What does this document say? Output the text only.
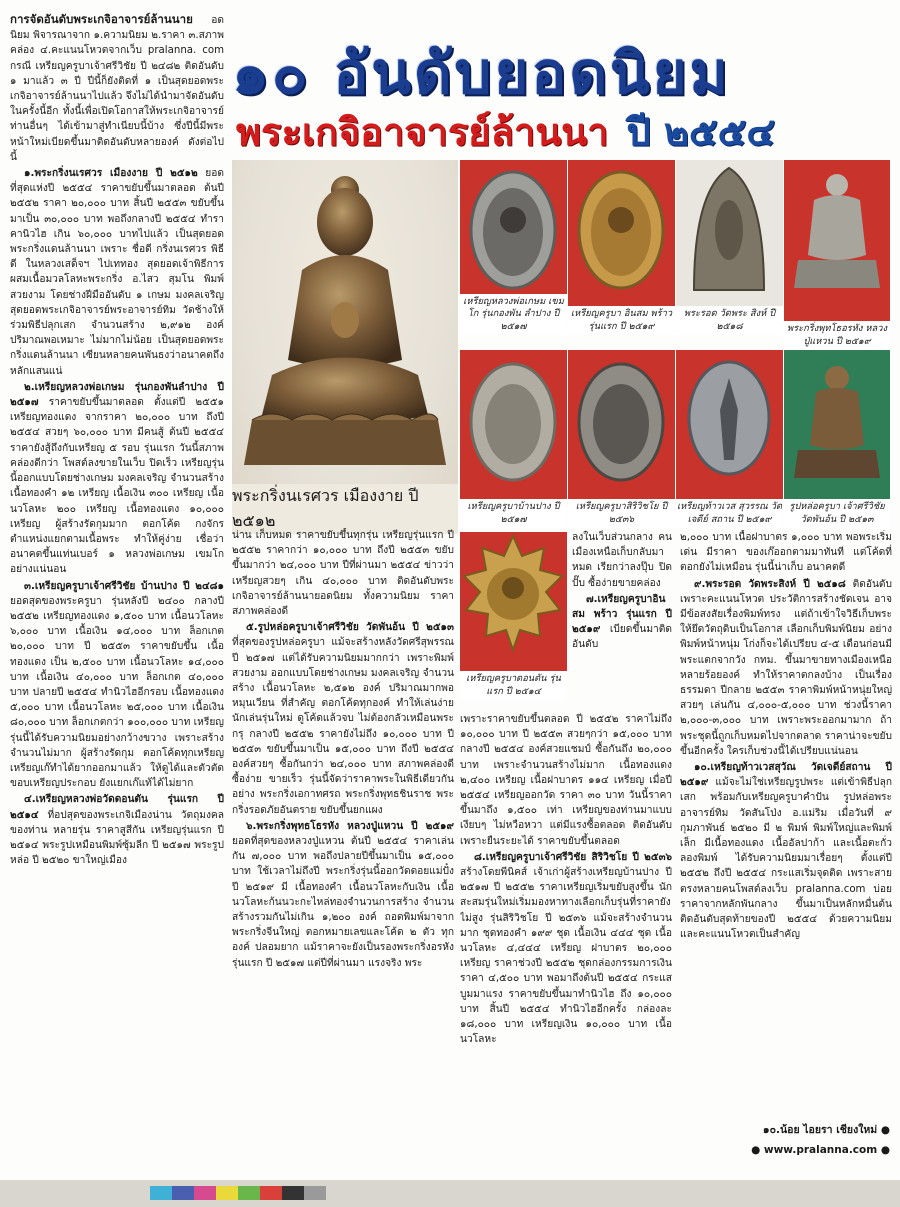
๑๐ อันดับยอดนิยม
พระเกจิอาจารย์ล้านนา ปี ๒๕๕๔

การจัดอันดับพระเกจิอาจารย์ล้านนาย อดนิยม พิจารณาจาก ๑.ความนิยม ๒.ราคา ๓.สภาพคล่อง ๔.คะแนนโหวตจากเว็บ pralanna. com กรณี เหรียญครูบาเจ้าศรีวิชัย ปี ๒๔๘๒ ติดอันดับ ๑ มาแล้ว ๓ ปี ปีนี้ก็ยังติดที่ ๑ เป็นสุดยอดพระเกจิอาจารย์ล้านนาไปแล้ว จึงไม่ได้นำมาจัดอันดับในครั้งนี้อีก ทั้งนี้เพื่อเปิดโอกาสให้พระเกจิอาจารย์ท่านอื่นๆ ได้เข้ามาสู่ทำเนียบนี้บ้าง ซึ่งปีนี้มีพระหน้าใหม่เบียดขึ้นมาติดอันดับหลายองค์ ดังต่อไปนี้

๑.พระกริ่งนเรศวร เมืองงาย ปี ๒๕๑๒ ยอดที่สุดแห่งปี ๒๕๕๔ ราคาขยับขึ้นมาตลอด ต้นปี ๒๕๕๒ ราคา ๒๐,๐๐๐ บาท สิ้นปี ๒๕๕๓ ขยับขึ้นมาเป็น ๓๐,๐๐๐ บาท พอถึงกลางปี ๒๕๕๔ ทำราคานิวไฮ เกิน ๖๐,๐๐๐ บาทไปแล้ว เป็นสุดยอดพระกริ่งแดนล้านนา เพราะ ชื่อดี กริ่งนเรศวร พิธีดี ในหลวงเสด็จฯ ไปเททอง สุดยอดเจ้าพิธีการผสมเนื้อมวลโลหะพระกริ่ง อ.ไสว สุมโน พิมพ์สวยงาม โดยช่างฝีมืออันดับ ๑ เกษม มงคลเจริญ สุดยอดพระเกจิอาจารย์พระอาจารย์ทิม วัดช้างให้ ร่วมพิธีปลุกเสก จำนวนสร้าง ๒,๙๑๒ องค์ ปริมาณพอเหมาะ ไม่มากไม่น้อย เป็นสุดยอดพระกริ่งแดนล้านนา เซียนหลายคนพันธงว่าอนาคตถึงหลักแสนแน่

๒.เหรียญหลวงพ่อเกษม รุ่นกองพันลำปาง ปี ๒๕๑๗ ราคาขยับขึ้นมาตลอด ตั้งแต่ปี ๒๕๕๑ เหรียญทองแดง จากราคา ๒๐,๐๐๐ บาท ถึงปี ๒๕๕๔ สวยๆ ๖๐,๐๐๐ บาท มีคนสู้ ต้นปี ๒๕๕๔ ราคายังสู้ถึงกับเหรียญ ๕ รอบ รุ่นแรก วันนี้สภาพคล่องดีกว่า โพสต์ลงขายในเว็บ ปิดเร็ว เหรียญรุ่นนี้ออกแบบโดยช่างเกษม มงคลเจริญ จำนวนสร้าง เนื้อทองคำ ๑๒ เหรียญ เนื้อเงิน ๓๐๐ เหรียญ เนื้อนวโลหะ ๒๐๐ เหรียญ เนื้อทองแดง ๑๐,๐๐๐ เหรียญ ผู้สร้างรัดกุมมาก ตอกโค้ด กงจักร ตำแหน่งแยกตามเนื้อพระ ทำให้คู่ง่าย เชื่อว่าอนาคตขึ้นแท่นเบอร์ ๑ หลวงพ่อเกษม เขมโก อย่างแน่นอน

๓.เหรียญครูบาเจ้าศรีวิชัย บ้านปาง ปี ๒๔๘๑ ยอดสุดของพระครูบา รุ่นหลังปี ๒๔๐๐ กลางปี ๒๕๕๒ เหรียญทองแดง ๑,๕๐๐ บาท เนื้อนวโลหะ ๖,๐๐๐ บาท เนื้อเงิน ๑๔,๐๐๐ บาท ล็อกเกต ๒๐,๐๐๐ บาท ปี ๒๕๕๓ ราคาขยับขึ้น เนื้อทองแดง เป็น ๒,๕๐๐ บาท เนื้อนวโลหะ ๑๔,๐๐๐ บาท เนื้อเงิน ๔๐,๐๐๐ บาท ล็อกเกต ๔๐,๐๐๐ บาท ปลายปี ๒๕๕๔ ทำนิวไฮอีกรอบ เนื้อทองแดง ๕,๐๐๐ บาท เนื้อนวโลหะ ๒๕,๐๐๐ บาท เนื้อเงิน ๘๐,๐๐๐ บาท ล็อกเกตกว่า ๑๐๐,๐๐๐ บาท เหรียญรุ่นนี้ได้รับความนิยมอย่างกว้างขวาง เพราะสร้างจำนวนไม่มาก ผู้สร้างรัดกุม ตอกโค้ดทุกเหรียญ เหรียญเก๊ทำได้ยากออกมาแล้ว ให้ดูได้และตัวตัดขอบเหรียญประกอบ ยังแยกเก๊แท้ได้ไม่ยาก

๔.เหรียญหลวงพ่อวัดดอนตัน รุ่นแรก ปี ๒๕๑๔ ที่อปสุดของพระเกจิเมืองน่าน วัตถุมงคลของท่าน หลายรุ่น ราคาสูสีกัน เหรียญรุ่นแรก ปี ๒๕๑๔ พระรูปเหมือนพิมพ์ซุ้มลีก ปี ๒๕๑๗ พระรูปหล่อ ปี ๒๕๒๐ ขาใหญ่เมือง

พระกริ่งนเรศวร เมืองงาย ปี ๒๕๑๒
เหรียญหลวงพ่อเกษม เขมโก รุ่นกองพัน ลำปาง ปี ๒๕๑๗
เหรียญครูบา อินสม พร้าว รุ่นแรก ปี ๒๕๑๙
พระรอด วัดพระ สิงห์ ปี ๒๕๑๘	พระกริ่งพุทโธอรหัง หลวงปู่แหวน ปี ๒๕๑๙
เหรียญครูบาบ้านปาง ปี ๒๕๑๗
เหรียญครูบาสิริวิชโย ปี ๒๕๓๖
เหรียญท้าวเวส สุวรรณ วัดเจดีย์ สถาน ปี ๒๕๑๙
รูปหล่อครูบา เจ้าศรีวิชัย วัดพันอ้น ปี ๒๕๑๓
เหรียญครูบาดอนตัน รุ่นแรก ปี ๒๕๑๔

น่าน เก็บหมด ราคาขยับขึ้นทุกรุ่น เหรียญรุ่นแรก ปี ๒๕๕๒ ราคากว่า ๑๐,๐๐๐ บาท ถึงปี ๒๕๕๓ ขยับขึ้นมากว่า ๒๔,๐๐๐ บาท ปีที่ผ่านมา ๒๕๕๔ ข่าวว่าเหรียญสวยๆ เกิน ๔๐,๐๐๐ บาท ติดอันดับพระเกจิอาจารย์ล้านนายอดนิยม ทั้งความนิยม ราคา สภาพคล่องดี

๕.รูปหล่อครูบาเจ้าศรีวิชัย วัดพันอ้น ปี ๒๕๑๓ ที่สุดของรูปหล่อครูบา แม้จะสร้างหลังวัดศรีสุพรรณ ปี ๒๕๑๗ แต่ได้รับความนิยมมากกว่า เพราะพิมพ์สวยงาม ออกแบบโดยช่างเกษม มงคลเจริญ จำนวนสร้าง เนื้อนวโลหะ ๒,๕๑๒ องค์ ปริมาณมากพอหมุนเวียน ที่สำคัญ ตอกโค้ดทุกองค์ ทำให้เล่นง่าย นักเล่นรุ่นใหม่ ดูโค้ดแล้วจบ ไม่ต้องกลัวเหมือนพระกรุ กลางปี ๒๕๕๒ ราคายังไม่ถึง ๑๐,๐๐๐ บาท ปี ๒๕๕๓ ขยับขึ้นมาเป็น ๑๕,๐๐๐ บาท ถึงปี ๒๕๕๔ องค์สวยๆ ซื้อกันกว่า ๒๔,๐๐๐ บาท สภาพคล่องดี ซื้อง่าย ขายเร็ว รุ่นนี้จัดว่าราคาพระในพิธีเดียวกันอย่าง พระกริ่งเอกาทศรถ พระกริ่งพุทธชินราช พระกริ่งรอดภัยอันตราย ขยับขึ้นยกแผง

๖.พระกริ่งพุทธโธรหัง หลวงปู่แหวน ปี ๒๕๑๙ ยอดที่สุดของหลวงปู่แหวน ต้นปี ๒๕๕๔ ราคาเล่นกัน ๗,๐๐๐ บาท พอถึงปลายปีขึ้นมาเป็น ๑๕,๐๐๐ บาท ใช้เวลาไม่ถึงปี พระกริ่งรุ่นนี้ออกวัดดอยแม่ปั๋ง ปี ๒๕๑๙ มี เนื้อทองคำ เนื้อนวโลหะกับเงิน เนื้อนวโลหะก้นนวะกะไหล่ทองจำนวนการสร้าง จำนวนสร้างรวมกันไม่เกิน ๑,๒๐๐ องค์ ถอดพิมพ์มาจากพระกริ่งจีนใหญ่ ตอกหมายเลขและโค้ด ๒ ตัว ทุกองค์ ปลอมยาก แม้ราคาจะยังเป็นรองพระกริ่งอรหังรุ่นแรก ปี ๒๕๑๗ แต่ปีที่ผ่านมา แรงจริง พระ

ลงในเว็บส่วนกลาง คนเมืองเหนือเก็บกลับมาหมด เรียกว่าลงปุ๊บ ปิดปั๊บ ซื้อง่ายขายคล่อง

๗.เหรียญครูบาอินสม พร้าว รุ่นแรก ปี ๒๕๑๙ เบียดขึ้นมาติดอันดับ

เพราะราคาขยับขึ้นตลอด ปี ๒๕๕๒ ราคาไม่ถึง ๑๐,๐๐๐ บาท ปี ๒๕๕๓ สวยๆกว่า ๑๕,๐๐๐ บาท กลางปี ๒๕๕๔ องค์สวยแชมป์ ซื้อกันถึง ๒๐,๐๐๐ บาท เพราะจำนวนสร้างไม่มาก เนื้อทองแดง ๒,๔๐๐ เหรียญ เนื้อฝาบาตร ๑๑๔ เหรียญ เมื่อปี ๒๕๕๔ เหรียญออกวัด ราคา ๓๐ บาท วันนี้ราคาขึ้นมาถึง ๑,๕๐๐ เท่า เหรียญของท่านมาแบบเงียบๆ ไม่หวือหวา แต่มีแรงซื้อตลอด ติดอันดับ เพราะยืนระยะได้ ราคาขยับขึ้นตลอด

๘.เหรียญครูบาเจ้าศรีวิชัย สิริวิชโย ปี ๒๕๓๖ สร้างโดยพีนิคส์ เจ้าเก่าผู้สร้างเหรียญบ้านปาง ปี ๒๕๑๗ ปี ๒๕๕๒ ราคาเหรียญเริ่มขยับสูงขึ้น นักสะสมรุ่นใหม่เริ่มมองหาทางเลือกเก็บรุ่นที่ราคายังไม่สูง รุ่นสิริวิชโย ปี ๒๕๓๖ แม้จะสร้างจำนวนมาก ชุดทองคำ ๑๙๙ ชุด เนื้อเงิน ๔๔๔ ชุด เนื้อนวโลหะ ๔,๔๔๔ เหรียญ ฝาบาตร ๒๐,๐๐๐ เหรียญ ราคาช่วงปี ๒๕๕๒ ชุดกล่องกรรมการเงิน ราคา ๔,๕๐๐ บาท พอมาถึงต้นปี ๒๕๕๔ กระแสบูมมาแรง ราคาขยับขึ้นมาทำนิวไฮ ถึง ๑๐,๐๐๐ บาท สิ้นปี ๒๕๕๔ ทำนิวไฮอีกครั้ง กล่องละ ๑๘,๐๐๐ บาท เหรียญเงิน ๑๐,๐๐๐ บาท เนื้อนวโลหะ

๒,๐๐๐ บาท เนื้อฝาบาตร ๑,๐๐๐ บาท พอพระเริ่มเด่น มีราคา ของเก๊ออกตามมาทันที แต่โค้ดที่ตอกยังไม่เหมือน รุ่นนี้น่าเก็บ อนาคตดี

๙.พระรอด วัดพระสิงห์ ปี ๒๕๑๘ ติดอันดับเพราะคะแนนโหวต ประวัติการสร้างชัดเจน อาจมีข้อสงสัยเรื่องพิมพ์ทรง แต่ถ้าเข้าใจวิธีเก็บพระ ให้ยึดวัตถุดิบเป็นโอกาส เลือกเก็บพิมพ์นิยม อย่างพิมพ์หน้าหนุ่ม โก่งก็จะได้เปรียบ ๔-๕ เดือนก่อนมีพระแตกจากวัง กทม. ขึ้นมาขายทางเมืองเหนือหลายร้อยองค์ ทำให้ราคาตกลงบ้าง เป็นเรื่องธรรมดา ปีกลาย ๒๕๕๓ ราคาพิมพ์หน้าหนุ่ยใหญ่ สวยๆ เล่นกัน ๔,๐๐๐-๕,๐๐๐ บาท ช่วงนี้ราคา ๒,๐๐๐-๓,๐๐๐ บาท เพราะพระออกมามาก ถ้าพระชุดนี้ถูกเก็บหมดไปจากตลาด ราคาน่าจะขยับขึ้นอีกครั้ง ใครเก็บช่วงนี้ได้เปรียบแน่นอน

๑๐.เหรียญท้าวเวสสุวัณ วัดเจดีย์สถาน ปี ๒๕๑๙ แม้จะไม่ใช่เหรียญรูปพระ แต่เข้าพิธีปลุกเสก พร้อมกับเหรียญครูบาคำปัน รูปหล่อพระอาจารย์ทิม วัดสันโป่ง อ.แม่ริม เมื่อวันที่ ๙ กุมภาพันธ์ ๒๕๒๐ มี ๒ พิมพ์ พิมพ์ใหญ่และพิมพ์เล็ก มีเนื้อทองแดง เนื้ออัลปาก้า และเนื้อตะกั่วลองพิมพ์ ได้รับความนิยมมาเรื่อยๆ ตั้งแต่ปี ๒๕๕๒ ถึงปี ๒๕๕๔ กระแสเริ่มจุดติด เพราะสายตรงหลายคนโพสต์ลงเว็บ pralanna.com บ่อย ราคาจากหลักพันกลาง ขึ้นมาเป็นหลักหมื่นต้น ติดอันดับสุดท้ายของปี ๒๕๕๔ ด้วยความนิยมและคะแนนโหวตเป็นสำคัญ

๑๐.น้อย ไอยรา เชียงใหม่ ●
● www.pralanna.com ●
